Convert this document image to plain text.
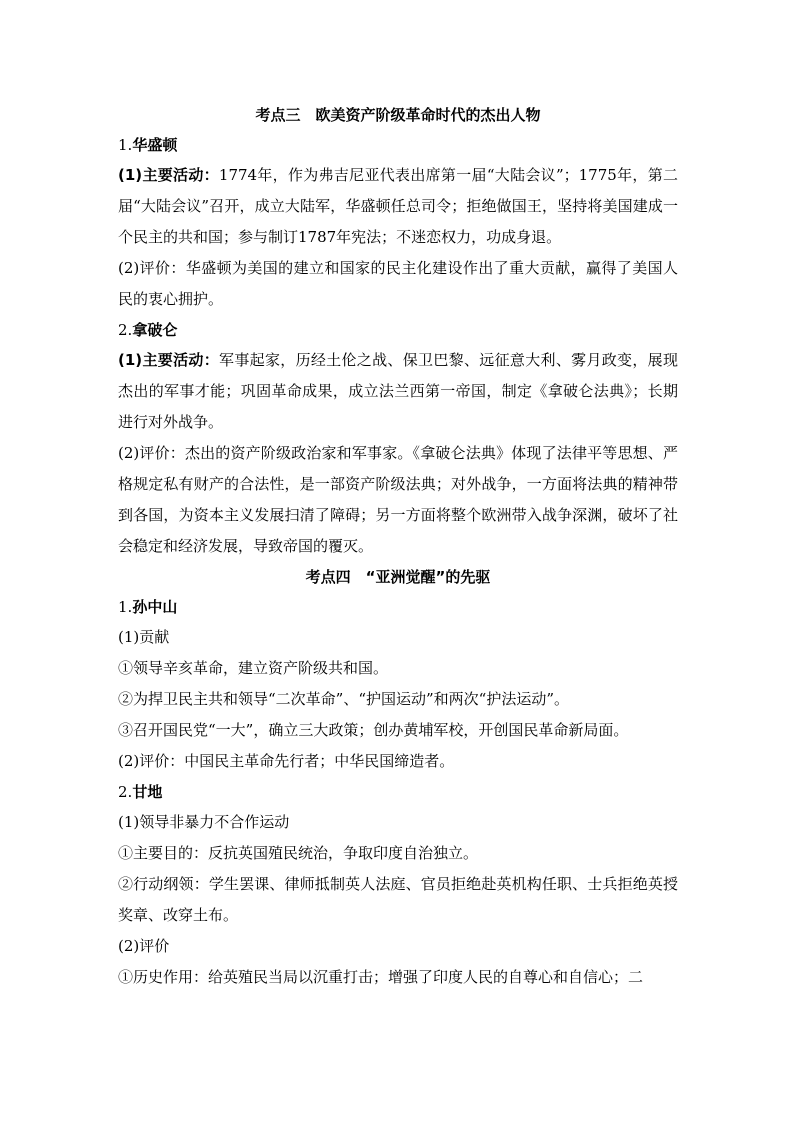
考点三　欧美资产阶级革命时代的杰出人物
1.华盛顿

(1)主要活动：1774年，作为弗吉尼亚代表出席第一届“大陆会议”；1775年，第二届“大陆会议”召开，成立大陆军，华盛顿任总司令；拒绝做国王，坚持将美国建成一个民主的共和国；参与制订1787年宪法；不迷恋权力，功成身退。

(2)评价：华盛顿为美国的建立和国家的民主化建设作出了重大贡献，赢得了美国人民的衷心拥护。

2.拿破仑

(1)主要活动：军事起家，历经土伦之战、保卫巴黎、远征意大利、雾月政变，展现杰出的军事才能；巩固革命成果，成立法兰西第一帝国，制定《拿破仑法典》；长期进行对外战争。

(2)评价：杰出的资产阶级政治家和军事家。《拿破仑法典》体现了法律平等思想、严格规定私有财产的合法性，是一部资产阶级法典；对外战争，一方面将法典的精神带到各国，为资本主义发展扫清了障碍；另一方面将整个欧洲带入战争深渊，破坏了社会稳定和经济发展，导致帝国的覆灭。

考点四　“亚洲觉醒”的先驱
1.孙中山

(1)贡献

①领导辛亥革命，建立资产阶级共和国。

②为捍卫民主共和领导“二次革命”、“护国运动”和两次“护法运动”。

③召开国民党“一大”，确立三大政策；创办黄埔军校，开创国民革命新局面。

(2)评价：中国民主革命先行者；中华民国缔造者。

2.甘地

(1)领导非暴力不合作运动

①主要目的：反抗英国殖民统治，争取印度自治独立。

②行动纲领：学生罢课、律师抵制英人法庭、官员拒绝赴英机构任职、士兵拒绝英授奖章、改穿土布。

(2)评价

①历史作用：给英殖民当局以沉重打击；增强了印度人民的自尊心和自信心；二
